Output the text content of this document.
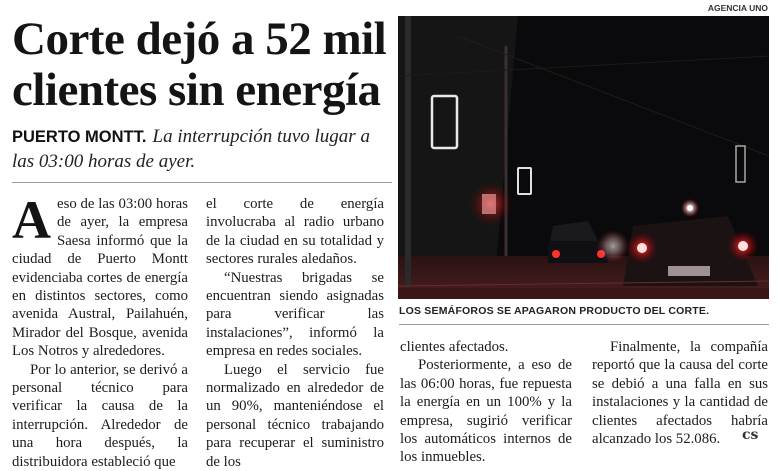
Corte dejó a 52 mil
clientes sin energía
PUERTO MONTT. La interrupción tuvo lugar a las 03:00 horas de ayer.

A eso de las 03:00 horas de ayer, la empresa Saesa informó que la ciudad de Puerto Montt evidenciaba cortes de energía en distintos sectores, como avenida Austral, Pailahuén, Mirador del Bosque, avenida Los Notros y alrededores.

Por lo anterior, se derivó a personal técnico para verificar la causa de la interrupción. Alrededor de una hora después, la distribuidora estableció que

el corte de energía involucraba al radio urbano de la ciudad en su totalidad y sectores rurales aledaños.

“Nuestras brigadas se encuentran siendo asignadas para verificar las instalaciones”, informó la empresa en redes sociales.

Luego el servicio fue normalizado en alrededor de un 90%, manteniéndose el personal técnico trabajando para recuperar el suministro de los

clientes afectados.

Posteriormente, a eso de las 06:00 horas, fue repuesta la energía en un 100% y la empresa, sugirió verificar los automáticos internos de los inmuebles.

Finalmente, la compañía reportó que la causa del corte se debió a una falla en sus instalaciones y la cantidad de clientes afectados habría alcanzado los 52.086.	cs
AGENCIA UNO
LOS SEMÁFOROS SE APAGARON PRODUCTO DEL CORTE.
